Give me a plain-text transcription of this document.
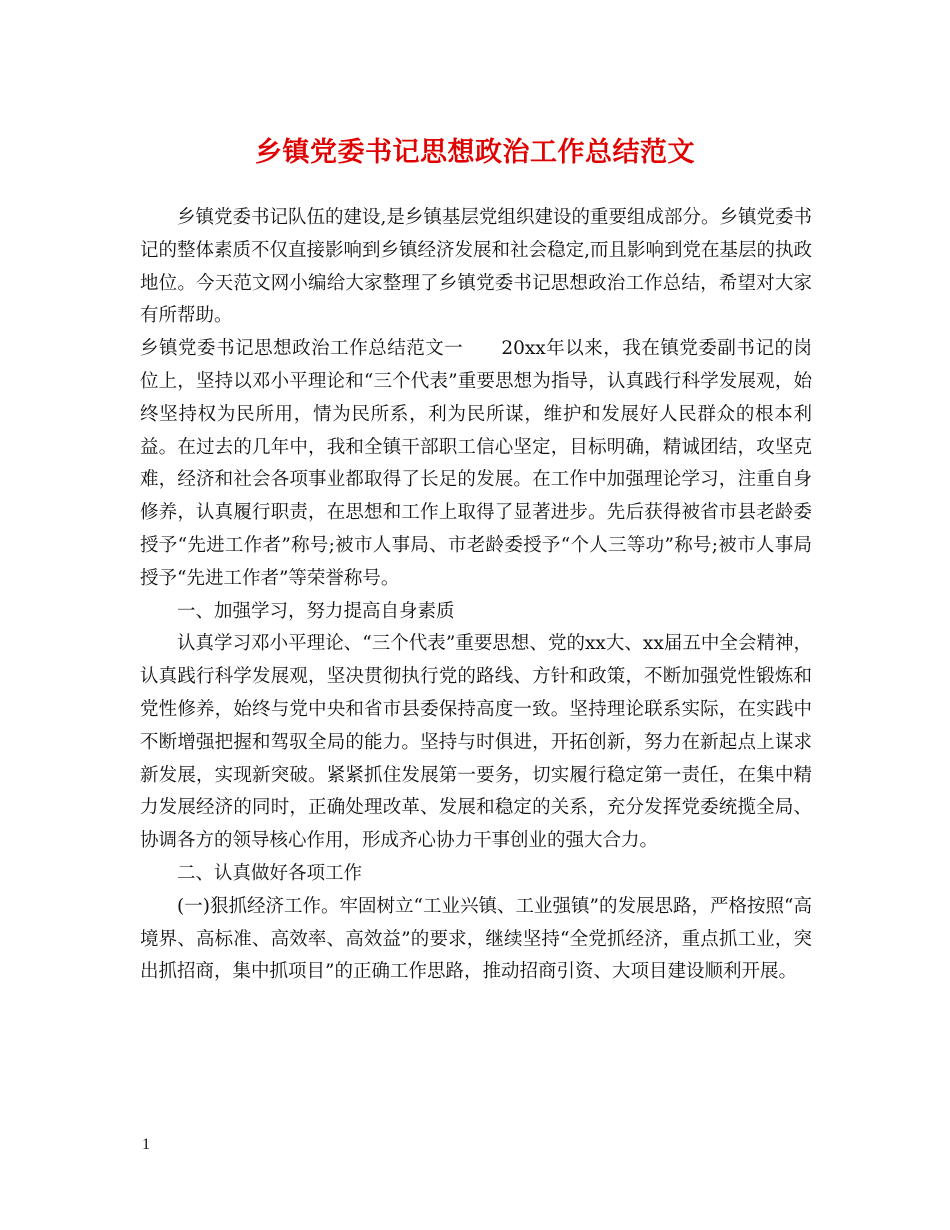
乡镇党委书记思想政治工作总结范文

乡镇党委书记队伍的建设,是乡镇基层党组织建设的重要组成部分。乡镇党委书记的整体素质不仅直接影响到乡镇经济发展和社会稳定,而且影响到党在基层的执政地位。今天范文网小编给大家整理了乡镇党委书记思想政治工作总结，希望对大家有所帮助。

乡镇党委书记思想政治工作总结范文一　　20xx年以来，我在镇党委副书记的岗位上，坚持以邓小平理论和“三个代表”重要思想为指导，认真践行科学发展观，始终坚持权为民所用，情为民所系，利为民所谋，维护和发展好人民群众的根本利益。在过去的几年中，我和全镇干部职工信心坚定，目标明确，精诚团结，攻坚克难，经济和社会各项事业都取得了长足的发展。在工作中加强理论学习，注重自身修养，认真履行职责，在思想和工作上取得了显著进步。先后获得被省市县老龄委授予“先进工作者”称号;被市人事局、市老龄委授予“个人三等功”称号;被市人事局授予“先进工作者”等荣誉称号。

一、加强学习，努力提高自身素质

认真学习邓小平理论、“三个代表”重要思想、党的xx大、xx届五中全会精神，认真践行科学发展观，坚决贯彻执行党的路线、方针和政策，不断加强党性锻炼和党性修养，始终与党中央和省市县委保持高度一致。坚持理论联系实际，在实践中不断增强把握和驾驭全局的能力。坚持与时俱进，开拓创新，努力在新起点上谋求新发展，实现新突破。紧紧抓住发展第一要务，切实履行稳定第一责任，在集中精力发展经济的同时，正确处理改革、发展和稳定的关系，充分发挥党委统揽全局、协调各方的领导核心作用，形成齐心协力干事创业的强大合力。

二、认真做好各项工作

(一)狠抓经济工作。牢固树立“工业兴镇、工业强镇”的发展思路，严格按照“高境界、高标准、高效率、高效益”的要求，继续坚持“全党抓经济，重点抓工业，突出抓招商，集中抓项目”的正确工作思路，推动招商引资、大项目建设顺利开展。

1
